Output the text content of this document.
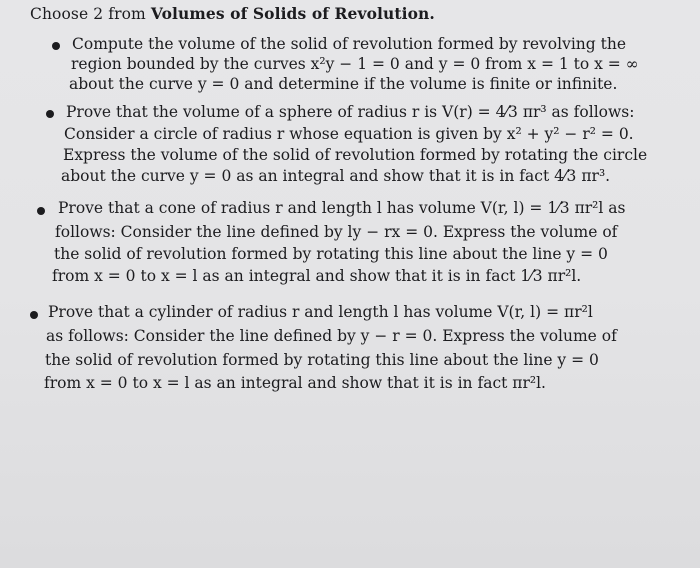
Choose 2 from Volumes of Solids of Revolution.
Compute the volume of the solid of revolution formed by revolving the
region bounded by the curves x²y − 1 = 0 and y = 0 from x = 1 to x = ∞
about the curve y = 0 and determine if the volume is finite or infinite.
Prove that the volume of a sphere of radius r is V(r) = 4⁄3 πr³ as follows:
Consider a circle of radius r whose equation is given by x² + y² − r² = 0.
Express the volume of the solid of revolution formed by rotating the circle
about the curve y = 0 as an integral and show that it is in fact 4⁄3 πr³.
Prove that a cone of radius r and length l has volume V(r, l) = 1⁄3 πr²l as
follows: Consider the line defined by ly − rx = 0. Express the volume of
the solid of revolution formed by rotating this line about the line y = 0
from x = 0 to x = l as an integral and show that it is in fact 1⁄3 πr²l.
Prove that a cylinder of radius r and length l has volume V(r, l) = πr²l
as follows: Consider the line defined by y − r = 0. Express the volume of
the solid of revolution formed by rotating this line about the line y = 0
from x = 0 to x = l as an integral and show that it is in fact πr²l.
